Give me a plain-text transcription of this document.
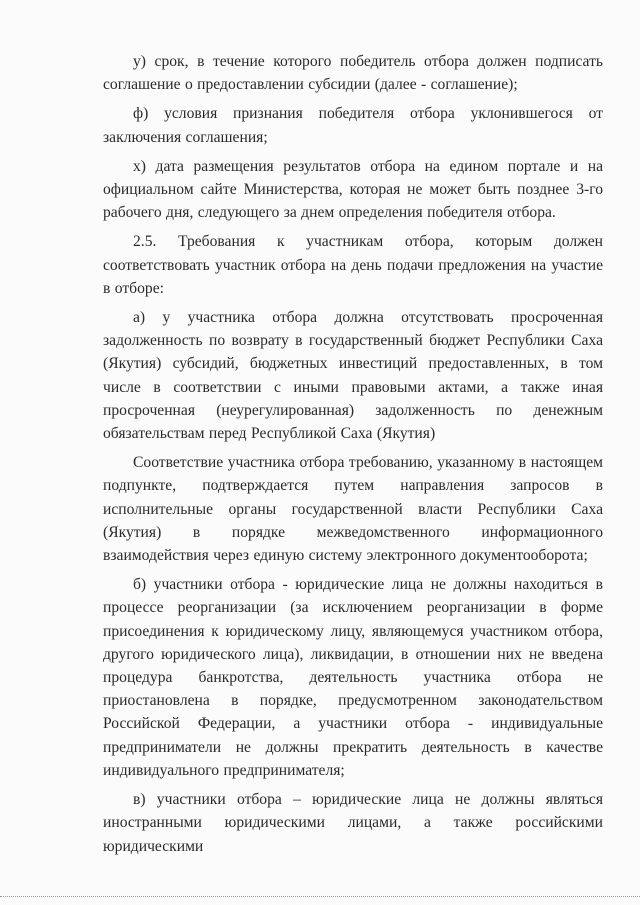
у) срок, в течение которого победитель отбора должен подписать соглашение о предоставлении субсидии (далее - соглашение);

ф) условия признания победителя отбора уклонившегося от заключения соглашения;

х) дата размещения результатов отбора на едином портале и на официальном сайте Министерства, которая не может быть позднее 3-го рабочего дня, следующего за днем определения победителя отбора.

2.5. Требования к участникам отбора, которым должен соответствовать участник отбора на день подачи предложения на участие в отборе:

а) у участника отбора должна отсутствовать просроченная задолженность по возврату в государственный бюджет Республики Саха (Якутия) субсидий, бюджетных инвестиций предоставленных, в том числе в соответствии с иными правовыми актами, а также иная просроченная (неурегулированная) задолженность по денежным обязательствам перед Республикой Саха (Якутия)

Соответствие участника отбора требованию, указанному в настоящем подпункте, подтверждается путем направления запросов в исполнительные органы государственной власти Республики Саха (Якутия) в порядке межведомственного информационного взаимодействия через единую систему электронного документооборота;

б) участники отбора - юридические лица не должны находиться в процессе реорганизации (за исключением реорганизации в форме присоединения к юридическому лицу, являющемуся участником отбора, другого юридического лица), ликвидации, в отношении них не введена процедура банкротства, деятельность участника отбора не приостановлена в порядке, предусмотренном законодательством Российской Федерации, а участники отбора - индивидуальные предприниматели не должны прекратить деятельность в качестве индивидуального предпринимателя;

в) участники отбора – юридические лица не должны являться иностранными юридическими лицами, а также российскими юридическими
